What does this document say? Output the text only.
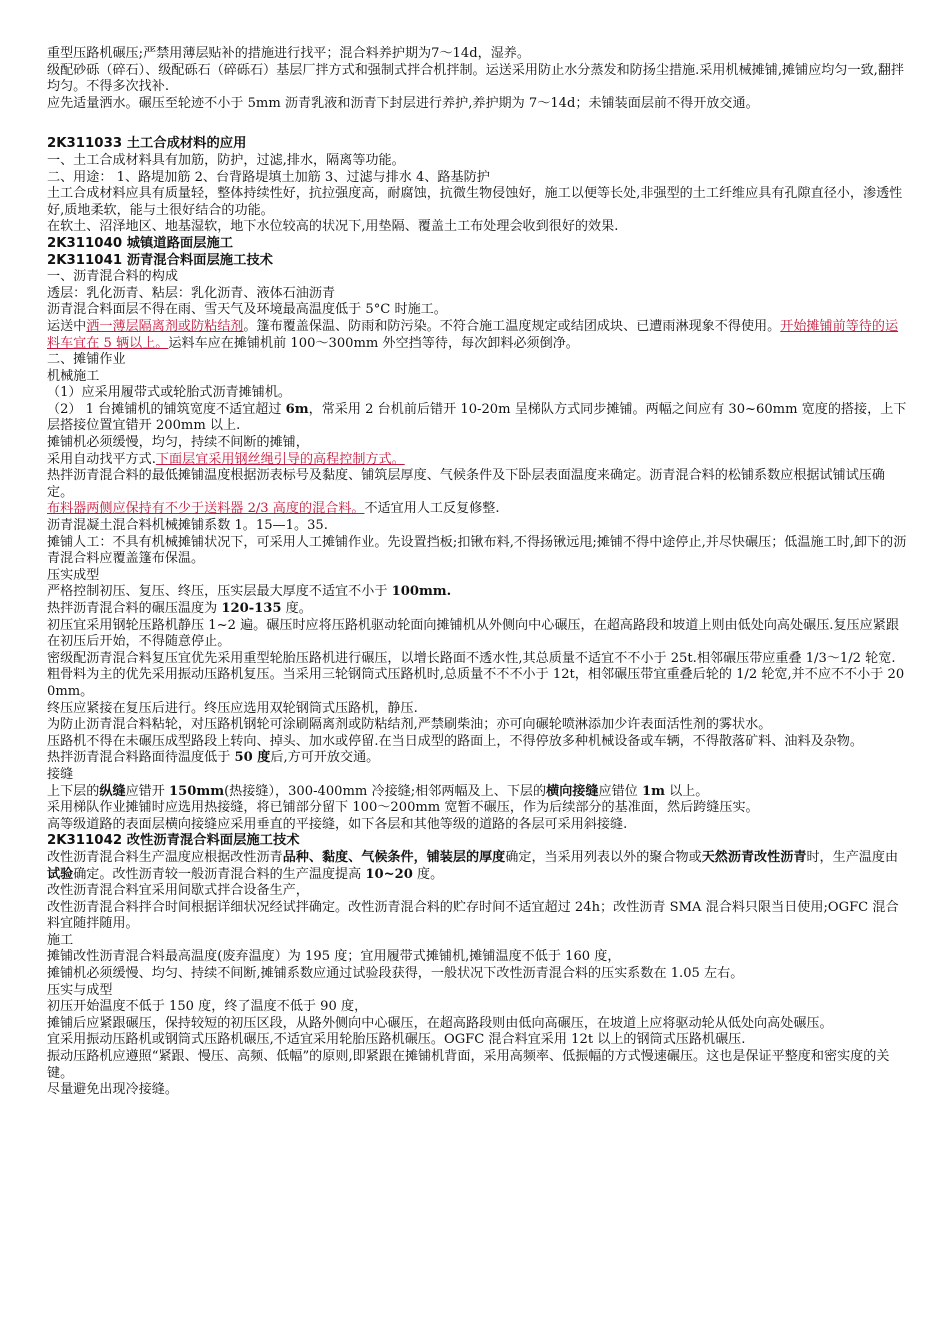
重型压路机碾压;严禁用薄层贴补的措施进行找平；混合料养护期为7～14d，湿养。

级配砂砾（碎石）、级配砾石（碎砾石）基层厂拌方式和强制式拌合机拌制。运送采用防止水分蒸发和防扬尘措施.采用机械摊铺,摊铺应均匀一致,翻拌均匀。不得多次找补.

应先适量洒水。碾压至轮迹不小于 5mm 沥青乳液和沥青下封层进行养护,养护期为 7～14d；未铺装面层前不得开放交通。

2K311033 土工合成材料的应用

一、土工合成材料具有加筋，防护，过滤,排水，隔离等功能。

二、用途： 1、路堤加筋 2、台背路堤填土加筋 3、过滤与排水 4、路基防护

土工合成材料应具有质量轻，整体持续性好，抗拉强度高，耐腐蚀，抗微生物侵蚀好，施工以便等长处,非强型的土工纤维应具有孔隙直径小，渗透性好,质地柔软，能与土很好结合的功能。

在软土、沼泽地区、地基湿软，地下水位较高的状况下,用垫隔、覆盖土工布处理会收到很好的效果.

2K311040 城镇道路面层施工

2K311041 沥青混合料面层施工技术

一、沥青混合料的构成

透层：乳化沥青、粘层：乳化沥青、液体石油沥青

沥青混合料面层不得在雨、雪天气及环境最高温度低于 5°C 时施工。

运送中洒一薄层隔离剂或防粘结剂。篷布覆盖保温、防雨和防污染。不符合施工温度规定或结团成块、已遭雨淋现象不得使用。开始摊铺前等待的运料车宜在 5 辆以上。运料车应在摊铺机前 100～300mm 外空挡等待，每次卸料必须倒净。

二、摊铺作业

机械施工

（1）应采用履带式或轮胎式沥青摊铺机。

（2） 1 台摊铺机的铺筑宽度不适宜超过 6m，常采用 2 台机前后错开 10-20m 呈梯队方式同步摊铺。两幅之间应有 30~60mm 宽度的搭接，上下层搭接位置宜错开 200mm 以上.

摊铺机必须缓慢，均匀，持续不间断的摊铺，

采用自动找平方式.下面层宜采用钢丝绳引导的高程控制方式。

热拌沥青混合料的最低摊铺温度根据沥表标号及黏度、铺筑层厚度、气候条件及下卧层表面温度来确定。沥青混合料的松铺系数应根据试铺试压确定。

布料器两侧应保持有不少于送料器 2/3 高度的混合料。不适宜用人工反复修整.

沥青混凝土混合料机械摊铺系数 1。15—1。35.

摊铺人工：不具有机械摊铺状况下，可采用人工摊铺作业。先设置挡板;扣锹布料,不得扬锹远甩;摊铺不得中途停止,并尽快碾压；低温施工时,卸下的沥青混合料应覆盖篷布保温。

压实成型

严格控制初压、复压、终压，压实层最大厚度不适宜不小于 100mm.

热拌沥青混合料的碾压温度为 120-135 度。

初压宜采用钢轮压路机静压 1~2 遍。碾压时应将压路机驱动轮面向摊铺机从外侧向中心碾压，在超高路段和坡道上则由低处向高处碾压.复压应紧跟在初压后开始，不得随意停止。

密级配沥青混合料复压宜优先采用重型轮胎压路机进行碾压，以增长路面不透水性,其总质量不适宜不不小于 25t.相邻碾压带应重叠 1/3～1/2 轮宽.粗骨料为主的优先采用振动压路机复压。当采用三轮钢筒式压路机时,总质量不不不小于 12t，相邻碾压带宜重叠后轮的 1/2 轮宽,并不应不不小于 200mm。

终压应紧接在复压后进行。终压应选用双轮钢筒式压路机，静压.

为防止沥青混合料粘轮，对压路机钢轮可涂刷隔离剂或防粘结剂,严禁刷柴油；亦可向碾轮喷淋添加少许表面活性剂的雾状水。

压路机不得在未碾压成型路段上转向、掉头、加水或停留.在当日成型的路面上，不得停放多种机械设备或车辆，不得散落矿料、油料及杂物。

热拌沥青混合料路面待温度低于 50 度后,方可开放交通。

接缝

上下层的纵缝应错开 150mm(热接缝），300-400mm 冷接缝;相邻两幅及上、下层的横向接缝应错位 1m 以上。

采用梯队作业摊铺时应选用热接缝，将已铺部分留下 100～200mm 宽暂不碾压，作为后续部分的基准面，然后跨缝压实。

高等级道路的表面层横向接缝应采用垂直的平接缝，如下各层和其他等级的道路的各层可采用斜接缝.

2K311042 改性沥青混合料面层施工技术

改性沥青混合料生产温度应根据改性沥青品种、黏度、气候条件，铺装层的厚度确定，当采用列表以外的聚合物或天然沥青改性沥青时，生产温度由试验确定。改性沥青较一般沥青混合料的生产温度提高 10~20 度。

改性沥青混合料宜采用间歇式拌合设备生产，

改性沥青混合料拌合时间根据详细状况经试拌确定。改性沥青混合料的贮存时间不适宜超过 24h；改性沥青 SMA 混合料只限当日使用;OGFC 混合料宜随拌随用。

施工

摊铺改性沥青混合料最高温度(废弃温度）为 195 度；宜用履带式摊铺机,摊铺温度不低于 160 度，

摊铺机必须缓慢、均匀、持续不间断,摊铺系数应通过试验段获得，一般状况下改性沥青混合料的压实系数在 1.05 左右。

压实与成型

初压开始温度不低于 150 度，终了温度不低于 90 度，

摊铺后应紧跟碾压，保持较短的初压区段，从路外侧向中心碾压，在超高路段则由低向高碾压，在坡道上应将驱动轮从低处向高处碾压。

宜采用振动压路机或钢筒式压路机碾压,不适宜采用轮胎压路机碾压。OGFC 混合料宜采用 12t 以上的钢筒式压路机碾压.

振动压路机应遵照“紧跟、慢压、高频、低幅”的原则,即紧跟在摊铺机背面，采用高频率、低振幅的方式慢速碾压。这也是保证平整度和密实度的关键。

尽量避免出现冷接缝。
